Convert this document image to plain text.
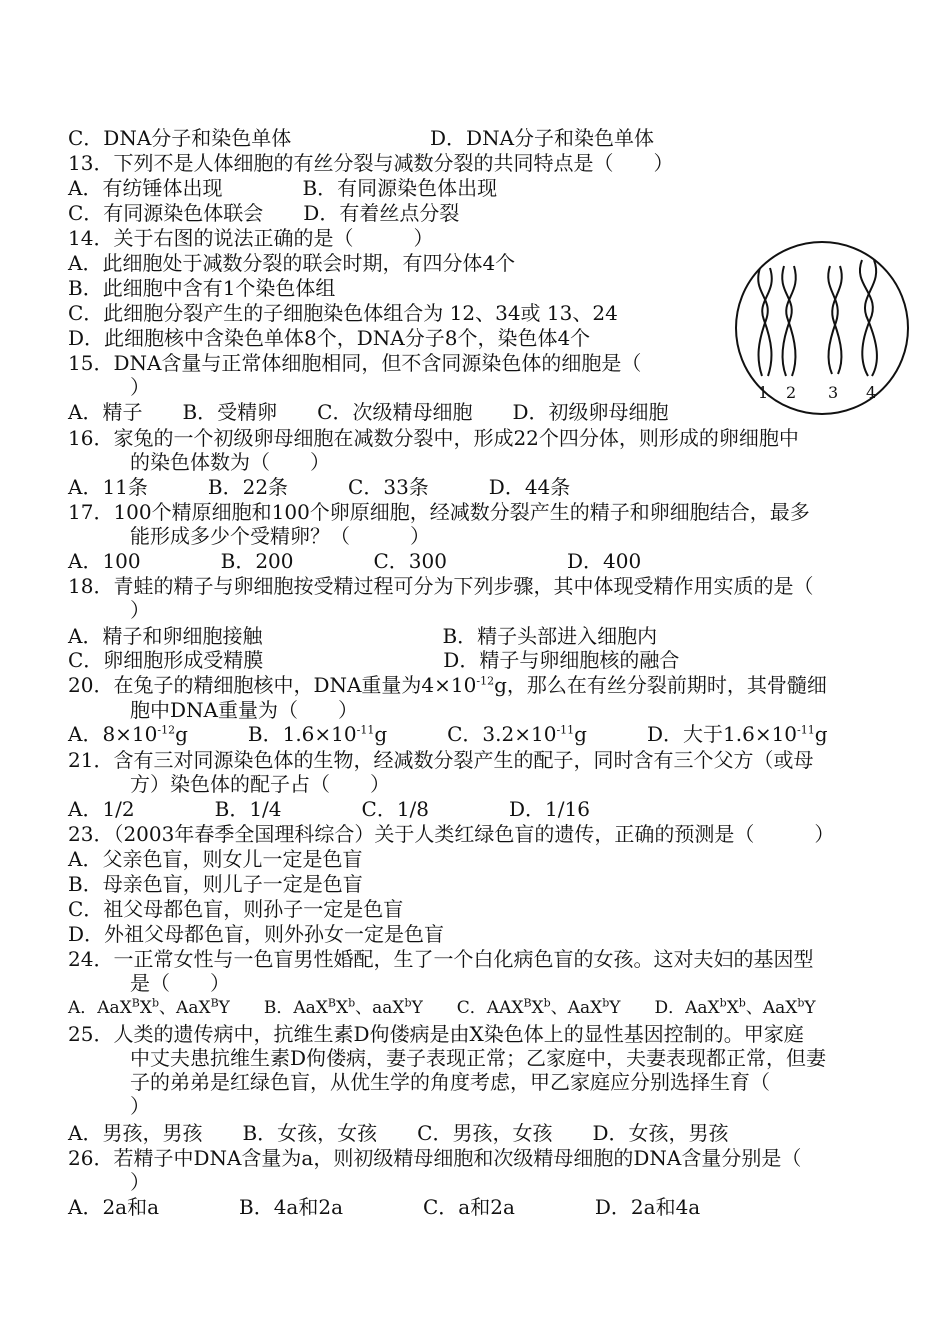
C．DNA分子和染色单体	D．DNA分子和染色单体
13．下列不是人体细胞的有丝分裂与减数分裂的共同特点是（　　）
A．有纺锤体出现　　　　B．有同源染色体出现
C．有同源染色体联会　　D．有着丝点分裂
14．关于右图的说法正确的是（　　　）
A．此细胞处于减数分裂的联会时期，有四分体4个
B．此细胞中含有1个染色体组
C．此细胞分裂产生的子细胞染色体组合为 12、34或 13、24
D．此细胞核中含染色单体8个，DNA分子8个，染色体4个
15．DNA含量与正常体细胞相同，但不含同源染色体的细胞是（
）
A．精子　　B．受精卵　　C．次级精母细胞　　D．初级卵母细胞
16．家兔的一个初级卵母细胞在减数分裂中，形成22个四分体，则形成的卵细胞中
的染色体数为（　　）
A．11条　　　B．22条　　　C．33条　　　D．44条
17．100个精原细胞和100个卵原细胞，经减数分裂产生的精子和卵细胞结合，最多
能形成多少个受精卵？（　　　）
A．100　　　　B．200　　　　C．300　　　　　　D．400
18．青蛙的精子与卵细胞按受精过程可分为下列步骤，其中体现受精作用实质的是（
）
A．精子和卵细胞接触　　　　　　　　　B．精子头部进入细胞内
C．卵细胞形成受精膜　　　　　　　　　D．精子与卵细胞核的融合
20．在兔子的精细胞核中，DNA重量为$4\times 10^{-12}g$，那么在有丝分裂前期时，其骨髓细
胞中DNA重量为（　　）
A．$8\times 10^{-12}g$　　　B．$1.6\times 10^{-11}g$　　　C．$3.2\times 10^{-11}g$　　　D．大于$1.6\times 10^{-11}g$
21．含有三对同源染色体的生物，经减数分裂产生的配子，同时含有三个父方（或母
方）染色体的配子占（　　）
A．1/2　　　　B．1/4　　　　C．1/8　　　　D．1/16
23．（2003年春季全国理科综合）关于人类红绿色盲的遗传，正确的预测是（　　　）
A．父亲色盲，则女儿一定是色盲
B．母亲色盲，则儿子一定是色盲
C．祖父母都色盲，则孙子一定是色盲
D．外祖父母都色盲，则外孙女一定是色盲
24．一正常女性与一色盲男性婚配，生了一个白化病色盲的女孩。这对夫妇的基因型
是（　　）
A．$AaX^BX^b$、AaX$^B$Y　　B．$AaX^BX^b$、aaX$^b$Y　　C．$AAX^BX^b$、AaX$^b$Y　　D．$AaX^bX^b$、AaX$^b$Y
25．人类的遗传病中，抗维生素D佝偻病是由X染色体上的显性基因控制的。甲家庭
中丈夫患抗维生素D佝偻病，妻子表现正常；乙家庭中，夫妻表现都正常，但妻
子的弟弟是红绿色盲，从优生学的角度考虑，甲乙家庭应分别选择生育（
）
A．男孩，男孩　　B．女孩，女孩　　C．男孩，女孩　　D．女孩，男孩
26．若精子中DNA含量为a，则初级精母细胞和次级精母细胞的DNA含量分别是（
）
A．2a和a　　　　B．4a和2a　　　　C．a和2a　　　　D．2a和4a
1 2 3 4
